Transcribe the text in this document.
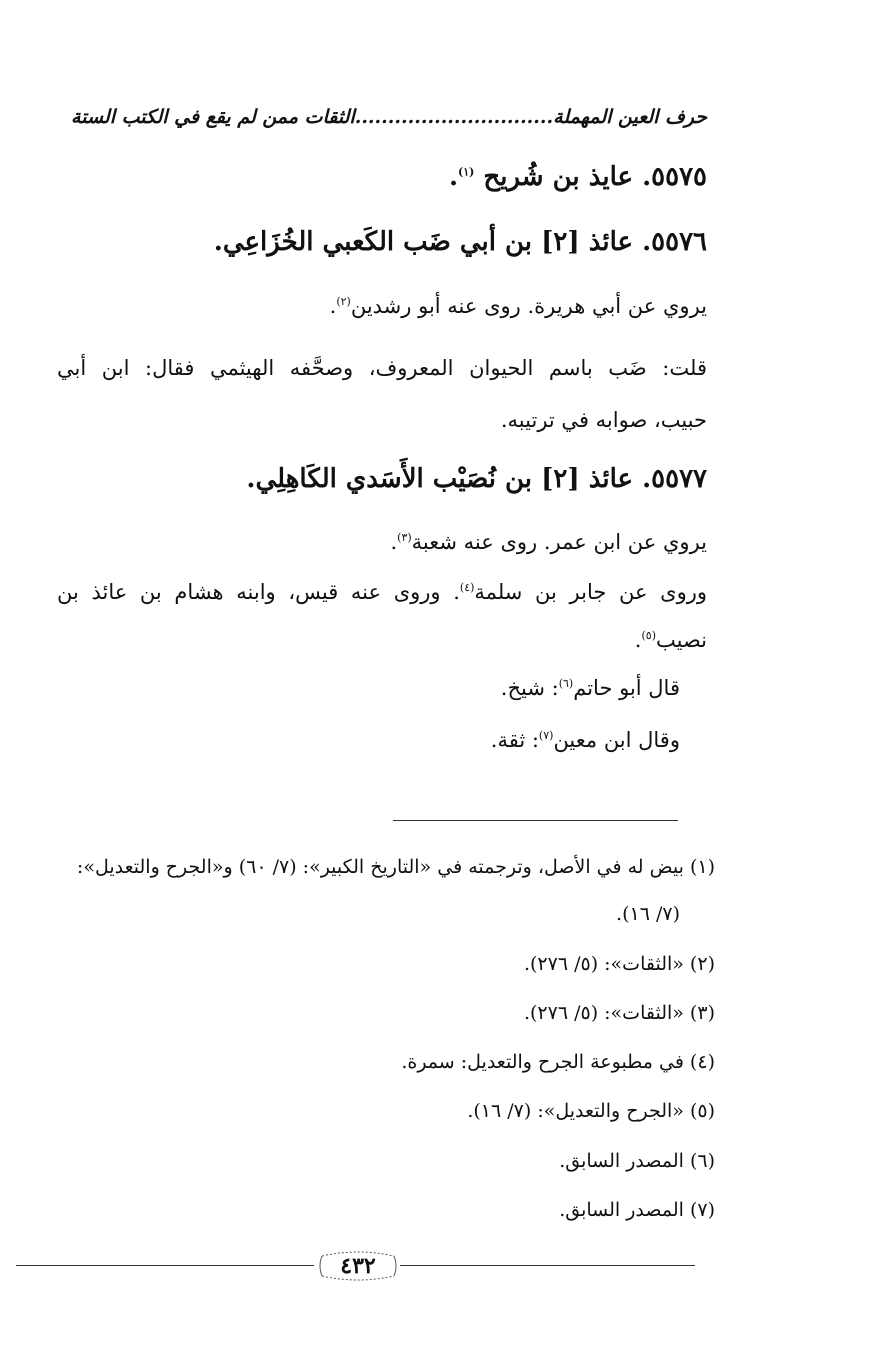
حرف العين المهملة..............................الثقات ممن لم يقع في الكتب الستة
٥٥٧٥. عايذ بن شُريح $^{(١)}$.
٥٥٧٦. عائذ [٢] بن أبي ضَب الكَعبي الخُزَاعِي.
يروي عن أبي هريرة. روى عنه أبو رشدين$^{(٢)}$.
قلت: ضَب باسم الحيوان المعروف، وصحَّفه الهيثمي فقال: ابن أبي
حبيب، صوابه في ترتيبه.
٥٥٧٧. عائذ [٢] بن نُصَيْب الأَسَدي الكَاهِلِي.
يروي عن ابن عمر. روى عنه شعبة$^{(٣)}$.
وروى عن جابر بن سلمة$^{(٤)}$. وروى عنه قيس، وابنه هشام بن عائذ بن
نصيب$^{(٥)}$.
قال أبو حاتم$^{(٦)}$: شيخ.
وقال ابن معين$^{(٧)}$: ثقة.
(١) بيض له في الأصل، وترجمته في «التاريخ الكبير»: (٧/ ٦٠) و«الجرح والتعديل»:
(٧/ ١٦).
(٢) «الثقات»: (٥/ ٢٧٦).
(٣) «الثقات»: (٥/ ٢٧٦).
(٤) في مطبوعة الجرح والتعديل: سمرة.
(٥) «الجرح والتعديل»: (٧/ ١٦).
(٦) المصدر السابق.
(٧) المصدر السابق.
٤٣٢
